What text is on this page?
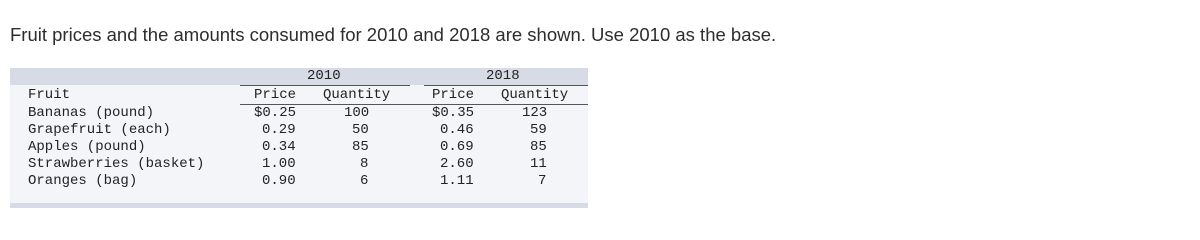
Fruit prices and the amounts consumed for 2010 and 2018 are shown. Use 2010 as the base.
2010	2018
Fruit	Price Quantity	Price Quantity
Bananas (pound)	$0.25	100	$0.35	123
Grapefruit (each)	0.29	50	0.46	59
Apples (pound)	0.34	85	0.69	85
Strawberries (basket)	1.00	8	2.60	11
Oranges (bag)	0.90	6	1.11	7
